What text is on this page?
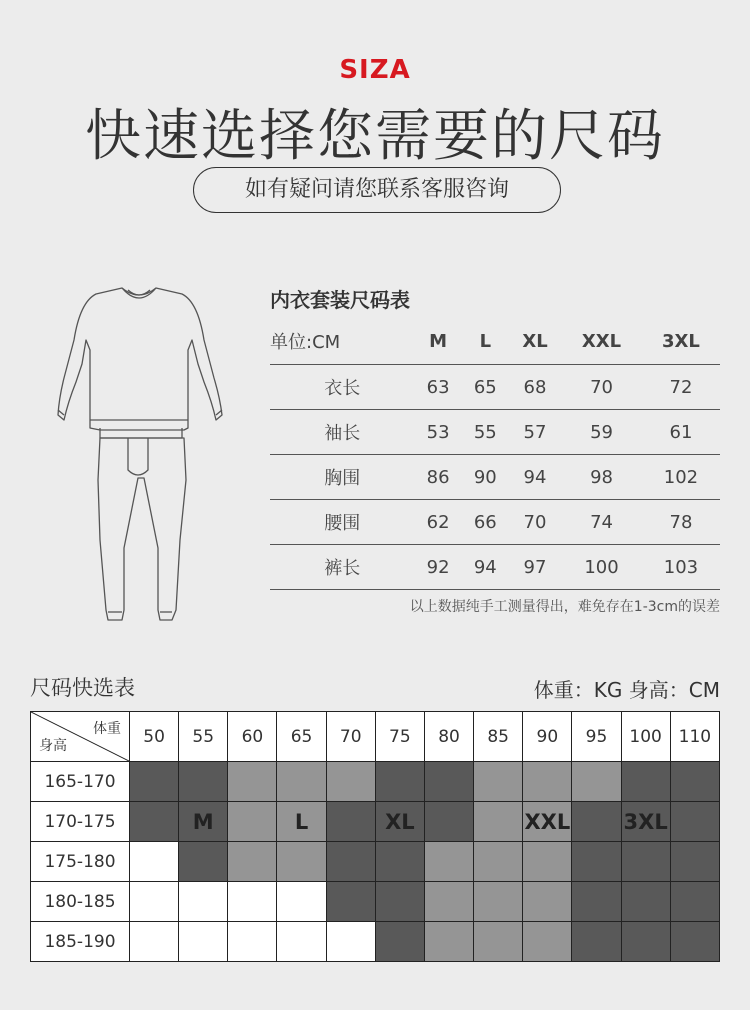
SIZA
快速选择您需要的尺码
如有疑问请您联系客服咨询
内衣套装尺码表
单位:CM	M	L	XL	XXL	3XL
衣长	63	65	68	70	72
袖长	53	55	57	59	61
胸围	86	90	94	98	102
腰围	62	66	70	74	78
裤长	92	94	97	100	103
以上数据纯手工测量得出，难免存在1-3cm的误差
尺码快选表	体重：KG 身高：CM
体重
身高	50	55	60	65	70	75	80	85	90	95	100	110
165-170												
170-175		M		L		XL			XXL		3XL	
175-180												
180-185												
185-190												
